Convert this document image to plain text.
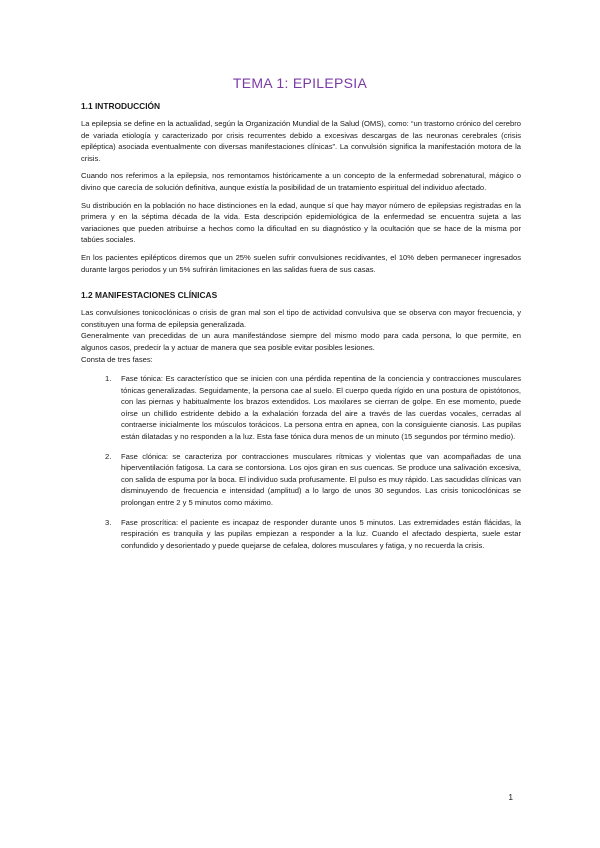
TEMA 1: EPILEPSIA
1.1 INTRODUCCIÓN

La epilepsia se define en la actualidad, según la Organización Mundial de la Salud (OMS), como: “un trastorno crónico del cerebro de variada etiología y caracterizado por crisis recurrentes debido a excesivas descargas de las neuronas cerebrales (crisis epiléptica) asociada eventualmente con diversas manifestaciones clínicas”. La convulsión significa la manifestación motora de la crisis.

Cuando nos referimos a la epilepsia, nos remontamos históricamente a un concepto de la enfermedad sobrenatural, mágico o divino que carecía de solución definitiva, aunque existía la posibilidad de un tratamiento espiritual del individuo afectado.

Su distribución en la población no hace distinciones en la edad, aunque sí que hay mayor número de epilepsias registradas en la primera y en la séptima década de la vida. Esta descripción epidemiológica de la enfermedad se encuentra sujeta a las variaciones que pueden atribuirse a hechos como la dificultad en su diagnóstico y la ocultación que se hace de la misma por tabúes sociales.

En los pacientes epilépticos diremos que un 25% suelen sufrir convulsiones recidivantes, el 10% deben permanecer ingresados durante largos periodos y un 5% sufrirán limitaciones en las salidas fuera de sus casas.

1.2 MANIFESTACIONES CLÍNICAS

Las convulsiones tonicoclónicas o crisis de gran mal son el tipo de actividad convulsiva que se observa con mayor frecuencia, y constituyen una forma de epilepsia generalizada.

Generalmente van precedidas de un aura manifestándose siempre del mismo modo para cada persona, lo que permite, en algunos casos, predecir la y actuar de manera que sea posible evitar posibles lesiones.

Consta de tres fases:

1. Fase tónica: Es característico que se inicien con una pérdida repentina de la conciencia y contracciones musculares tónicas generalizadas. Seguidamente, la persona cae al suelo. El cuerpo queda rígido en una postura de opistótonos, con las piernas y habitualmente los brazos extendidos. Los maxilares se cierran de golpe. En ese momento, puede oírse un chillido estridente debido a la exhalación forzada del aire a través de las cuerdas vocales, cerradas al contraerse inicialmente los músculos torácicos. La persona entra en apnea, con la consiguiente cianosis. Las pupilas están dilatadas y no responden a la luz. Esta fase tónica dura menos de un minuto (15 segundos por término medio).

2. Fase clónica: se caracteriza por contracciones musculares rítmicas y violentas que van acompañadas de una hiperventilación fatigosa. La cara se contorsiona. Los ojos giran en sus cuencas. Se produce una salivación excesiva, con salida de espuma por la boca. El individuo suda profusamente. El pulso es muy rápido. Las sacudidas clínicas van disminuyendo de frecuencia e intensidad (amplitud) a lo largo de unos 30 segundos. Las crisis tonicoclónicas se prolongan entre 2 y 5 minutos como máximo.

3. Fase proscrítica: el paciente es incapaz de responder durante unos 5 minutos. Las extremidades están flácidas, la respiración es tranquila y las pupilas empiezan a responder a la luz. Cuando el afectado despierta, suele estar confundido y desorientado y puede quejarse de cefalea, dolores musculares y fatiga, y no recuerda la crisis.

1
